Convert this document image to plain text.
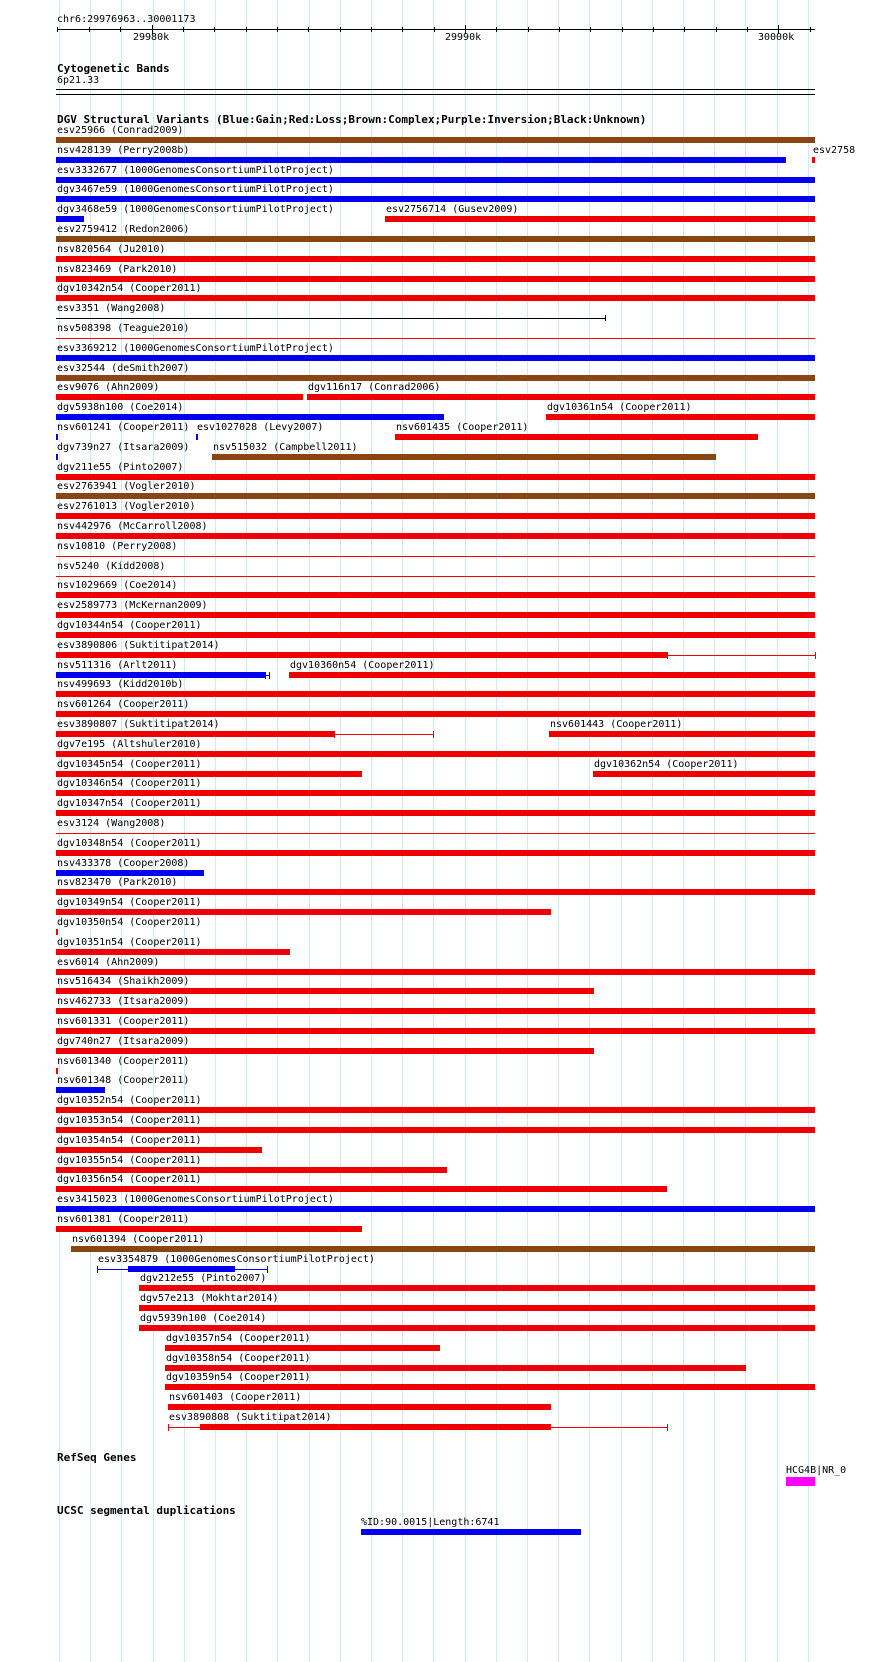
chr6:29976963..30001173
29980k	29990k	30000k
Cytogenetic Bands
6p21.33
DGV Structural Variants (Blue:Gain;Red:Loss;Brown:Complex;Purple:Inversion;Black:Unknown)
esv25966 (Conrad2009)
nsv428139 (Perry2008b)	esv2758
esv3332677 (1000GenomesConsortiumPilotProject)
dgv3467e59 (1000GenomesConsortiumPilotProject)
dgv3468e59 (1000GenomesConsortiumPilotProject)	esv2756714 (Gusev2009)
esv2759412 (Redon2006)
nsv820564 (Ju2010)
nsv823469 (Park2010)
dgv10342n54 (Cooper2011)
esv3351 (Wang2008)
nsv508398 (Teague2010)
esv3369212 (1000GenomesConsortiumPilotProject)
esv32544 (deSmith2007)
esv9076 (Ahn2009)	dgv116n17 (Conrad2006)
dgv5938n100 (Coe2014)	dgv10361n54 (Cooper2011)
nsv601241 (Cooper2011) esv1027028 (Levy2007)	nsv601435 (Cooper2011)
dgv739n27 (Itsara2009) nsv515032 (Campbell2011)
dgv211e55 (Pinto2007)
esv2763941 (Vogler2010)
esv2761013 (Vogler2010)
nsv442976 (McCarroll2008)
nsv10810 (Perry2008)
nsv5240 (Kidd2008)
nsv1029669 (Coe2014)
esv2589773 (McKernan2009)
dgv10344n54 (Cooper2011)
esv3890806 (Suktitipat2014)
nsv511316 (Arlt2011)	dgv10360n54 (Cooper2011)
nsv499693 (Kidd2010b)
nsv601264 (Cooper2011)
esv3890807 (Suktitipat2014)	nsv601443 (Cooper2011)
dgv7e195 (Altshuler2010)
dgv10345n54 (Cooper2011)	dgv10362n54 (Cooper2011)
dgv10346n54 (Cooper2011)
dgv10347n54 (Cooper2011)
esv3124 (Wang2008)
dgv10348n54 (Cooper2011)
nsv433378 (Cooper2008)
nsv823470 (Park2010)
dgv10349n54 (Cooper2011)
dgv10350n54 (Cooper2011)
dgv10351n54 (Cooper2011)
esv6014 (Ahn2009)
nsv516434 (Shaikh2009)
nsv462733 (Itsara2009)
nsv601331 (Cooper2011)
dgv740n27 (Itsara2009)
nsv601340 (Cooper2011)
nsv601348 (Cooper2011)
dgv10352n54 (Cooper2011)
dgv10353n54 (Cooper2011)
dgv10354n54 (Cooper2011)
dgv10355n54 (Cooper2011)
dgv10356n54 (Cooper2011)
esv3415023 (1000GenomesConsortiumPilotProject)
nsv601381 (Cooper2011)
nsv601394 (Cooper2011)
esv3354879 (1000GenomesConsortiumPilotProject)
dgv212e55 (Pinto2007)
dgv57e213 (Mokhtar2014)
dgv5939n100 (Coe2014)
dgv10357n54 (Cooper2011)
dgv10358n54 (Cooper2011)
dgv10359n54 (Cooper2011)
nsv601403 (Cooper2011)
esv3890808 (Suktitipat2014)
RefSeq Genes
HCG4B|NR_0
UCSC segmental duplications
%ID:90.0015|Length:6741
